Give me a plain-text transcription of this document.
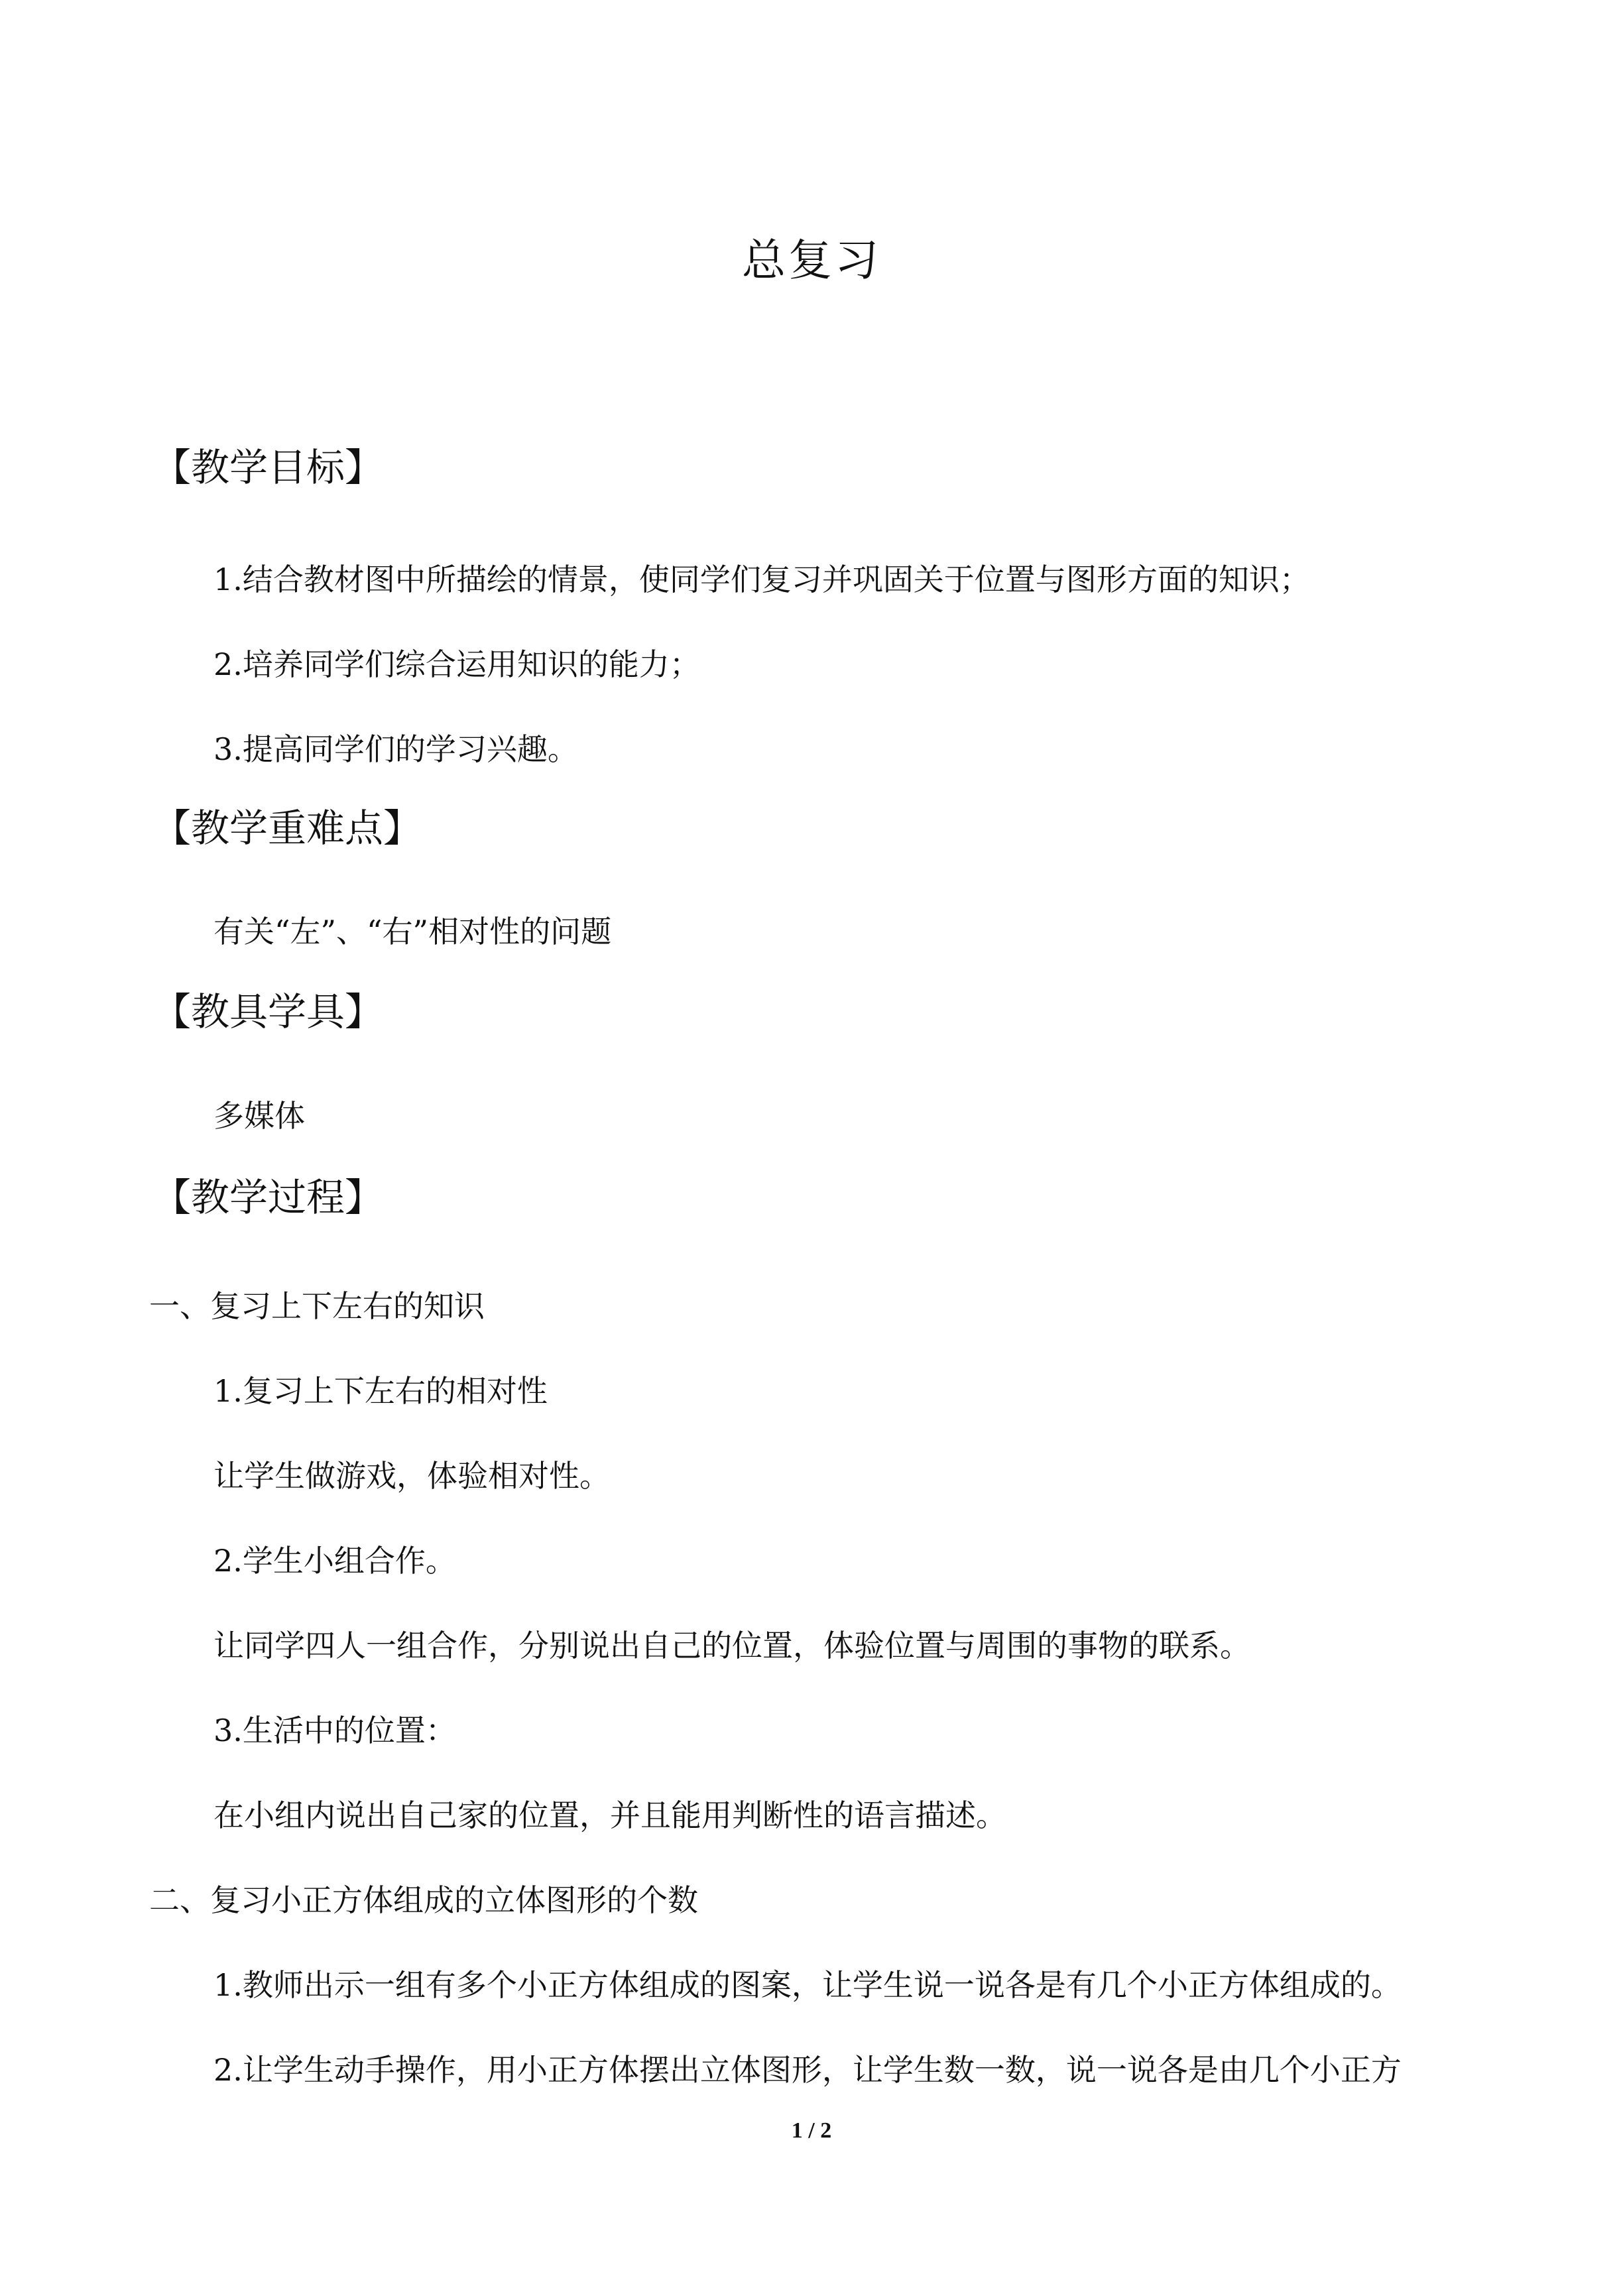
总复习
【教学目标】

1.结合教材图中所描绘的情景，使同学们复习并巩固关于位置与图形方面的知识；

2.培养同学们综合运用知识的能力；

3.提高同学们的学习兴趣。

【教学重难点】

有关“左”、“右”相对性的问题

【教具学具】

多媒体

【教学过程】

一、复习上下左右的知识

1.复习上下左右的相对性

让学生做游戏，体验相对性。

2.学生小组合作。

让同学四人一组合作，分别说出自己的位置，体验位置与周围的事物的联系。

3.生活中的位置：

在小组内说出自己家的位置，并且能用判断性的语言描述。

二、复习小正方体组成的立体图形的个数

1.教师出示一组有多个小正方体组成的图案，让学生说一说各是有几个小正方体组成的。

2.让学生动手操作，用小正方体摆出立体图形，让学生数一数，说一说各是由几个小正方

1 / 2
